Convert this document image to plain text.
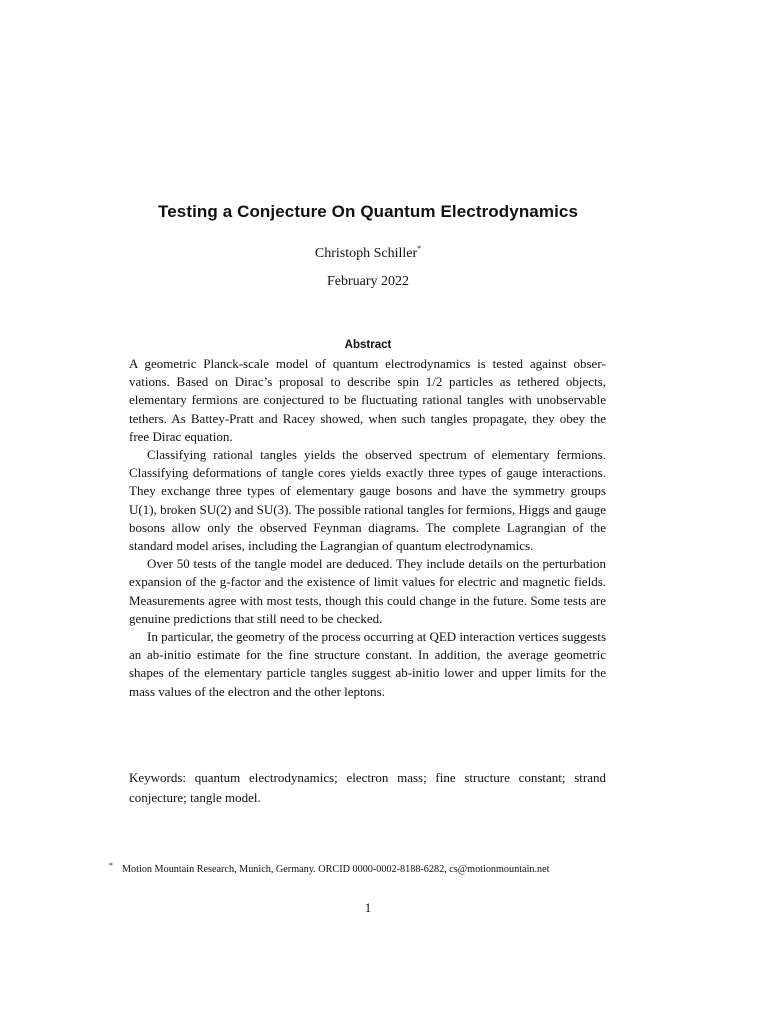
Testing a Conjecture On Quantum Electrodynamics
Christoph Schiller*
February 2022
Abstract

A geometric Planck-scale model of quantum electrodynamics is tested against observations. Based on Dirac’s proposal to describe spin 1/2 particles as tethered objects, elementary fermions are conjectured to be fluctuating rational tangles with unobservable tethers. As Battey-Pratt and Racey showed, when such tangles propagate, they obey the free Dirac equation.

Classifying rational tangles yields the observed spectrum of elementary fermions. Classifying deformations of tangle cores yields exactly three types of gauge interactions. They exchange three types of elementary gauge bosons and have the symmetry groups U(1), broken SU(2) and SU(3). The possible rational tangles for fermions, Higgs and gauge bosons allow only the observed Feynman diagrams. The complete Lagrangian of the standard model arises, including the Lagrangian of quantum electrodynamics.

Over 50 tests of the tangle model are deduced. They include details on the perturbation expansion of the g-factor and the existence of limit values for electric and magnetic fields. Measurements agree with most tests, though this could change in the future. Some tests are genuine predictions that still need to be checked.

In particular, the geometry of the process occurring at QED interaction vertices suggests an ab-initio estimate for the fine structure constant. In addition, the average geometric shapes of the elementary particle tangles suggest ab-initio lower and upper limits for the mass values of the electron and the other leptons.

Keywords: quantum electrodynamics; electron mass; fine structure constant; strand conjecture; tangle model.
* Motion Mountain Research, Munich, Germany. ORCID 0000-0002-8188-6282, cs@motionmountain.net
1
